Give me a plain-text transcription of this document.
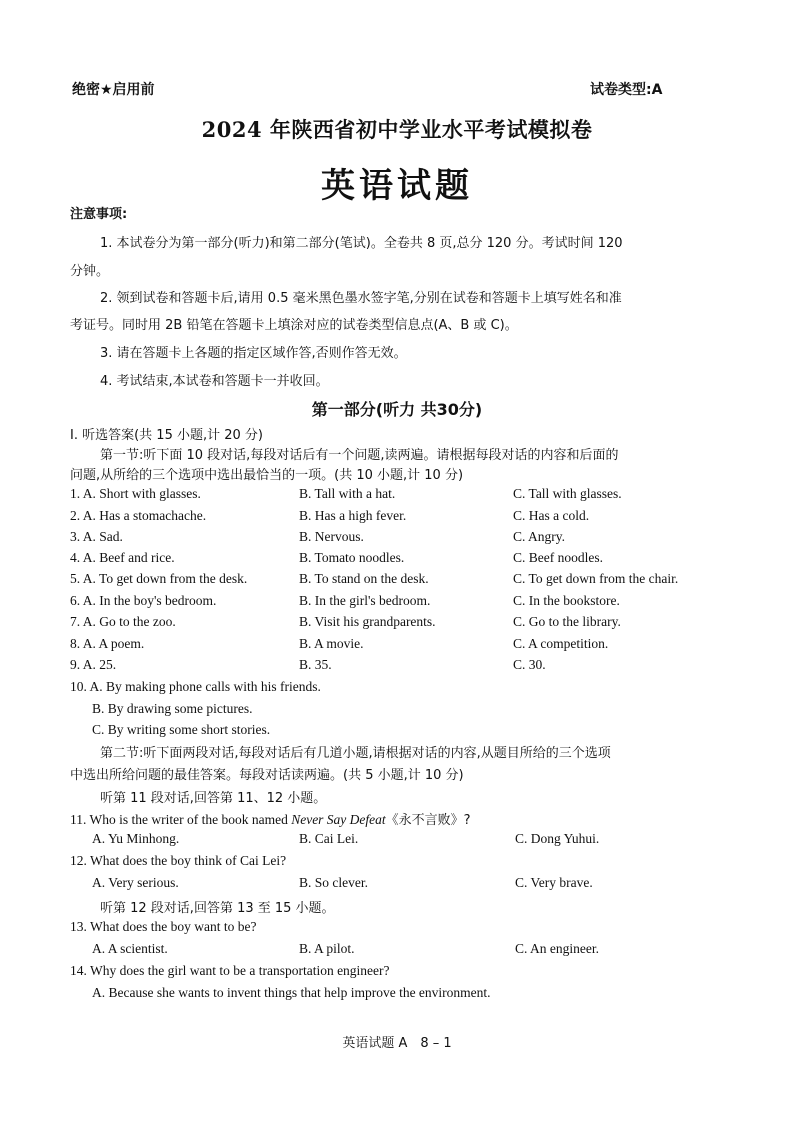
绝密★启用前	试卷类型:A
2024 年陕西省初中学业水平考试模拟卷
英语试题
注意事项:
1. 本试卷分为第一部分(听力)和第二部分(笔试)。全卷共 8 页,总分 120 分。考试时间 120
分钟。
2. 领到试卷和答题卡后,请用 0.5 毫米黑色墨水签字笔,分别在试卷和答题卡上填写姓名和准
考证号。同时用 2B 铅笔在答题卡上填涂对应的试卷类型信息点(A、B 或 C)。
3. 请在答题卡上各题的指定区域作答,否则作答无效。
4. 考试结束,本试卷和答题卡一并收回。
第一部分(听力 共30分)
Ⅰ. 听选答案(共 15 小题,计 20 分)
第一节:听下面 10 段对话,每段对话后有一个问题,读两遍。请根据每段对话的内容和后面的
问题,从所给的三个选项中选出最恰当的一项。(共 10 小题,计 10 分)
1. A. Short with glasses.	B. Tall with a hat.	C. Tall with glasses.
2. A. Has a stomachache.	B. Has a high fever.	C. Has a cold.
3. A. Sad.	B. Nervous.	C. Angry.
4. A. Beef and rice.	B. Tomato noodles.	C. Beef noodles.
5. A. To get down from the desk.	B. To stand on the desk.	C. To get down from the chair.
6. A. In the boy's bedroom.	B. In the girl's bedroom.	C. In the bookstore.
7. A. Go to the zoo.	B. Visit his grandparents.	C. Go to the library.
8. A. A poem.	B. A movie.	C. A competition.
9. A. 25.	B. 35.	C. 30.
10. A. By making phone calls with his friends.
B. By drawing some pictures.
C. By writing some short stories.
第二节:听下面两段对话,每段对话后有几道小题,请根据对话的内容,从题目所给的三个选项
中选出所给问题的最佳答案。每段对话读两遍。(共 5 小题,计 10 分)
听第 11 段对话,回答第 11、12 小题。
11. Who is the writer of the book named Never Say Defeat《永不言败》?
A. Yu Minhong.	B. Cai Lei.	C. Dong Yuhui.
12. What does the boy think of Cai Lei?
A. Very serious.	B. So clever.	C. Very brave.
听第 12 段对话,回答第 13 至 15 小题。
13. What does the boy want to be?
A. A scientist.	B. A pilot.	C. An engineer.
14. Why does the girl want to be a transportation engineer?
A. Because she wants to invent things that help improve the environment.
英语试题 A　8 – 1
